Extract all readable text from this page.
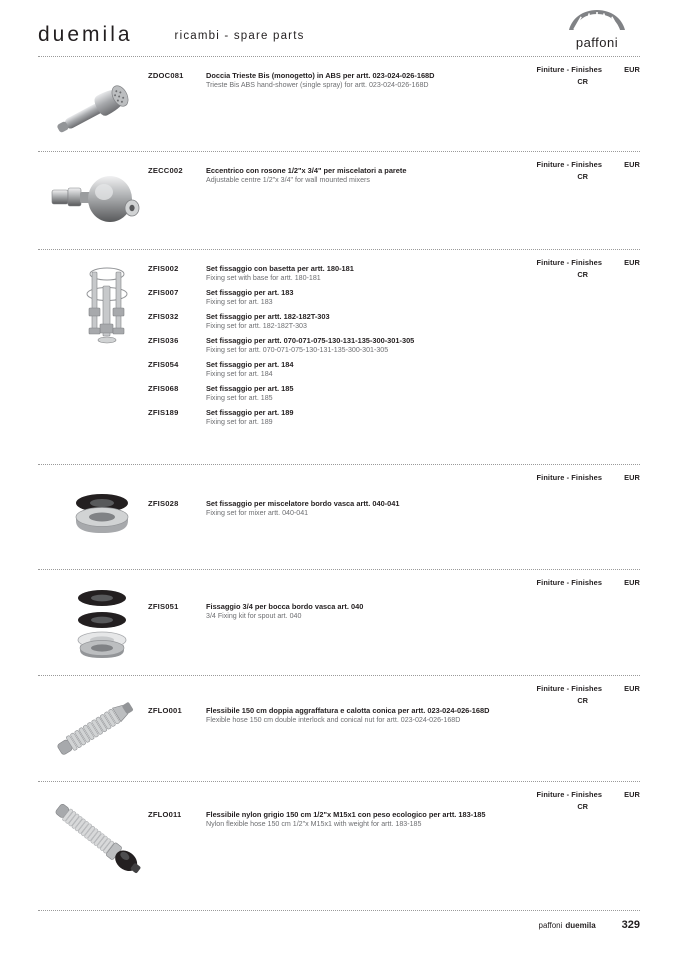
duemila	ricambi - spare parts	paffoni
ZDOC081	Doccia Trieste Bis (monogetto) in ABS per artt. 023-024-026-168D
Trieste Bis ABS hand-shower (single spray) for artt. 023-024-026-168D
Finiture - Finishes	EUR
CR
ZECC002	Eccentrico con rosone 1/2"x 3/4" per miscelatori a parete
Adjustable centre 1/2"x 3/4" for wall mounted mixers
Finiture - Finishes	EUR
CR
ZFIS002	Set fissaggio con basetta per artt. 180-181
Fixing set with base for artt. 180-181
ZFIS007	Set fissaggio per art. 183
Fixing set for art. 183
ZFIS032	Set fissaggio per artt. 182-182T-303
Fixing set for artt. 182-182T-303
ZFIS036	Set fissaggio per artt. 070-071-075-130-131-135-300-301-305
Fixing set for artt. 070-071-075-130-131-135-300-301-305
ZFIS054	Set fissaggio per art. 184
Fixing set for art. 184
ZFIS068	Set fissaggio per art. 185
Fixing set for art. 185
ZFIS189	Set fissaggio per art. 189
Fixing set for art. 189
Finiture - Finishes	EUR
CR
ZFIS028	Set fissaggio per miscelatore bordo vasca artt. 040-041
Fixing set for mixer artt. 040-041
Finiture - Finishes	EUR
ZFIS051	Fissaggio 3/4 per bocca bordo vasca art. 040
3/4 Fixing kit for spout art. 040
Finiture - Finishes	EUR
ZFLO001	Flessibile 150 cm doppia aggraffatura e calotta conica per artt. 023-024-026-168D
Flexible hose 150 cm double interlock and conical nut for artt. 023-024-026-168D
Finiture - Finishes	EUR
CR
ZFLO011	Flessibile nylon grigio 150 cm 1/2"x M15x1 con peso ecologico per artt. 183-185
Nylon flexible hose 150 cm 1/2"x M15x1 with weight for artt. 183-185
Finiture - Finishes	EUR
CR
paffoni duemila 329
